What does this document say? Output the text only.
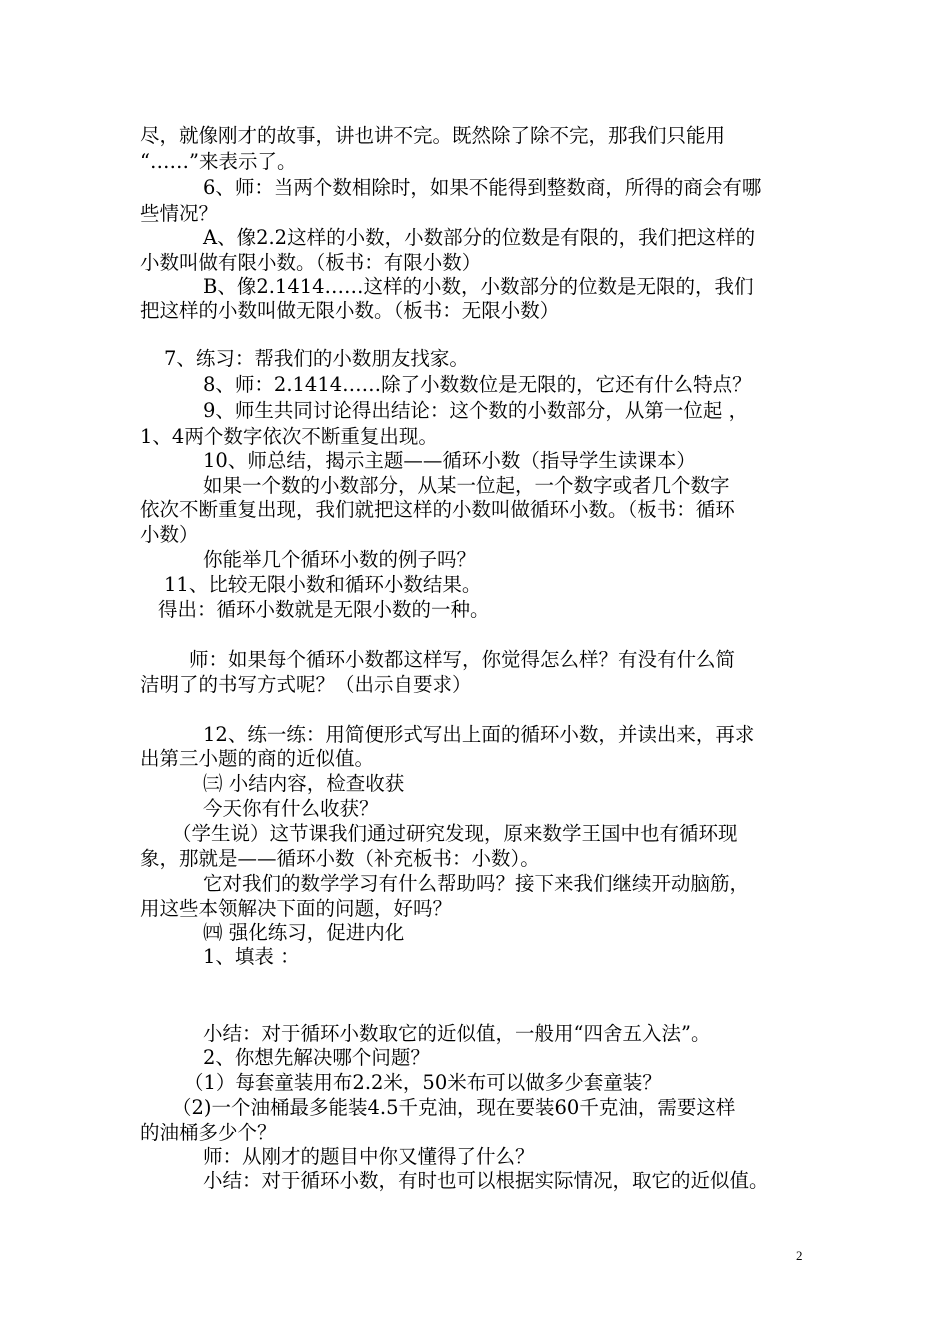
尽，就像刚才的故事，讲也讲不完。既然除了除不完，那我们只能用
“……”来表示了。
6、师：当两个数相除时，如果不能得到整数商，所得的商会有哪
些情况？
A、像2.2这样的小数，小数部分的位数是有限的，我们把这样的
小数叫做有限小数。（板书：有限小数）
B、像2.1414……这样的小数，小数部分的位数是无限的，我们
把这样的小数叫做无限小数。（板书：无限小数）
7、练习：帮我们的小数朋友找家。
8、师：2.1414……除了小数数位是无限的，它还有什么特点？
9、师生共同讨论得出结论：这个数的小数部分，从第一位起 ，
1、4两个数字依次不断重复出现。
10、师总结，揭示主题——循环小数（指导学生读课本）
如果一个数的小数部分，从某一位起，一个数字或者几个数字
依次不断重复出现，我们就把这样的小数叫做循环小数。（板书：循环
小数）
你能举几个循环小数的例子吗？
11、比较无限小数和循环小数结果。
得出：循环小数就是无限小数的一种。
师：如果每个循环小数都这样写，你觉得怎么样？有没有什么简
洁明了的书写方式呢？（出示自要求）
12、练一练：用简便形式写出上面的循环小数，并读出来，再求
出第三小题的商的近似值。
㈢ 小结内容，检查收获
今天你有什么收获？
（学生说）这节课我们通过研究发现，原来数学王国中也有循环现
象，那就是——循环小数（补充板书：小数）。
它对我们的数学学习有什么帮助吗？接下来我们继续开动脑筋，
用这些本领解决下面的问题，好吗？
㈣ 强化练习，促进内化
1、填表 ：
小结：对于循环小数取它的近似值，一般用“四舍五入法”。
2、你想先解决哪个问题？
（1）每套童装用布2.2米，50米布可以做多少套童装？
（2)一个油桶最多能装4.5千克油，现在要装60千克油，需要这样
的油桶多少个？
师：从刚才的题目中你又懂得了什么？
小结：对于循环小数，有时也可以根据实际情况，取它的近似值。
2
